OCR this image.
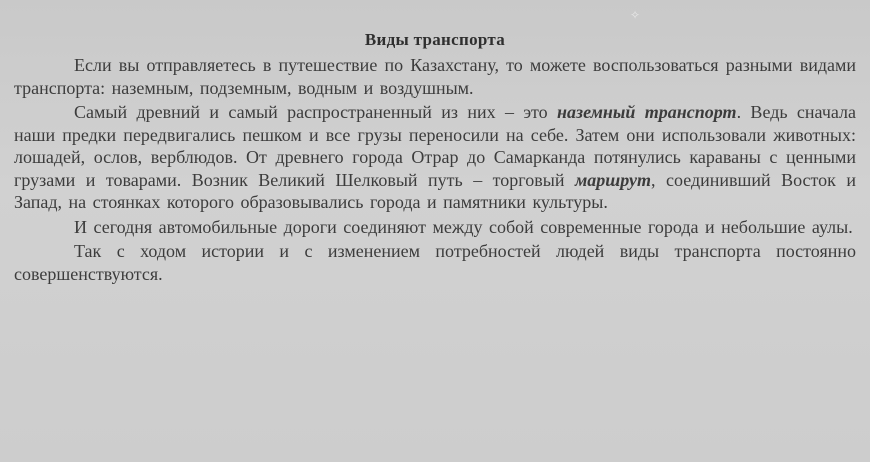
✧
Виды транспорта

Если вы отправляетесь в путешествие по Казахстану, то можете воспользоваться разными видами транспорта: наземным, подземным, водным и воздушным.

Самый древний и самый распространенный из них – это наземный транспорт. Ведь сначала наши предки передвигались пешком и все грузы переносили на себе. Затем они использовали животных: лошадей, ослов, верблюдов. От древнего города Отрар до Самарканда потянулись караваны с ценными грузами и товарами. Возник Великий Шелковый путь – торговый маршрут, соединивший Восток и Запад, на стоянках которого образовывались города и памятники культуры.

И сегодня автомобильные дороги соединяют между собой современные города и небольшие аулы.

Так с ходом истории и с изменением потребностей людей виды транспорта постоянно совершенствуются.
